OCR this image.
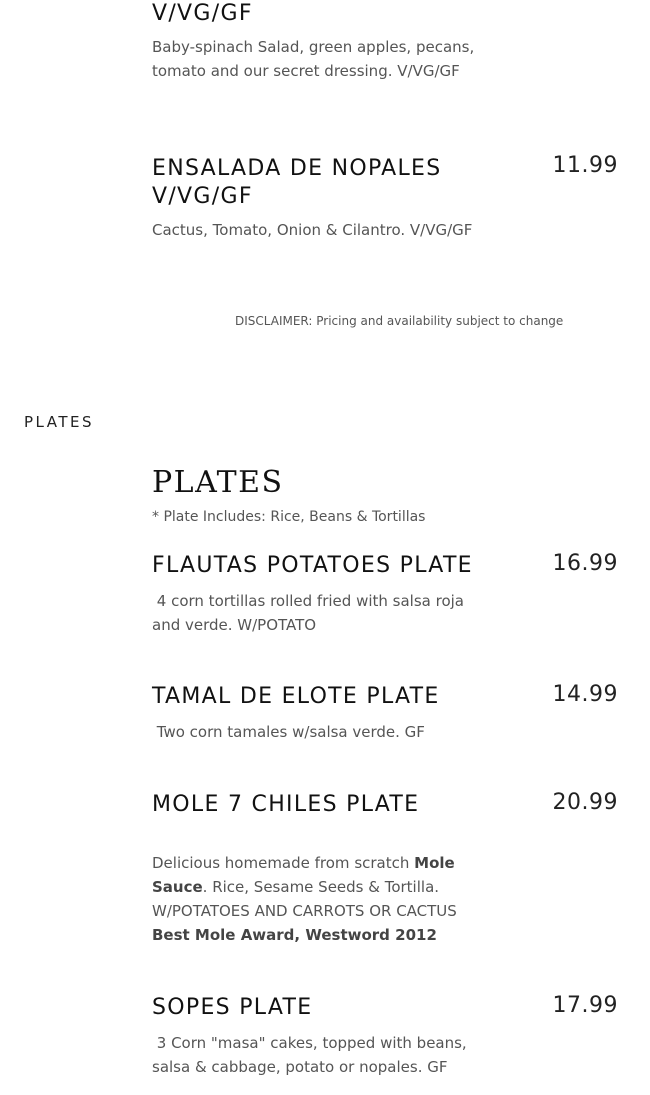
V/VG/GF
Baby-spinach Salad, green apples, pecans,
tomato and our secret dressing. V/VG/GF
ENSALADA DE NOPALES
V/VG/GF
11.99
Cactus, Tomato, Onion & Cilantro. V/VG/GF
DISCLAIMER: Pricing and availability subject to change
PLATES
PLATES
* Plate Includes: Rice, Beans & Tortillas
FLAUTAS POTATOES PLATE	16.99
4 corn tortillas rolled fried with salsa roja
and verde. W/POTATO
TAMAL DE ELOTE PLATE	14.99
Two corn tamales w/salsa verde. GF
MOLE 7 CHILES PLATE	20.99
Delicious homemade from scratch Mole
Sauce. Rice, Sesame Seeds & Tortilla.
W/POTATOES AND CARROTS OR CACTUS
Best Mole Award, Westword 2012
SOPES PLATE	17.99
3 Corn "masa" cakes, topped with beans,
salsa & cabbage, potato or nopales. GF
